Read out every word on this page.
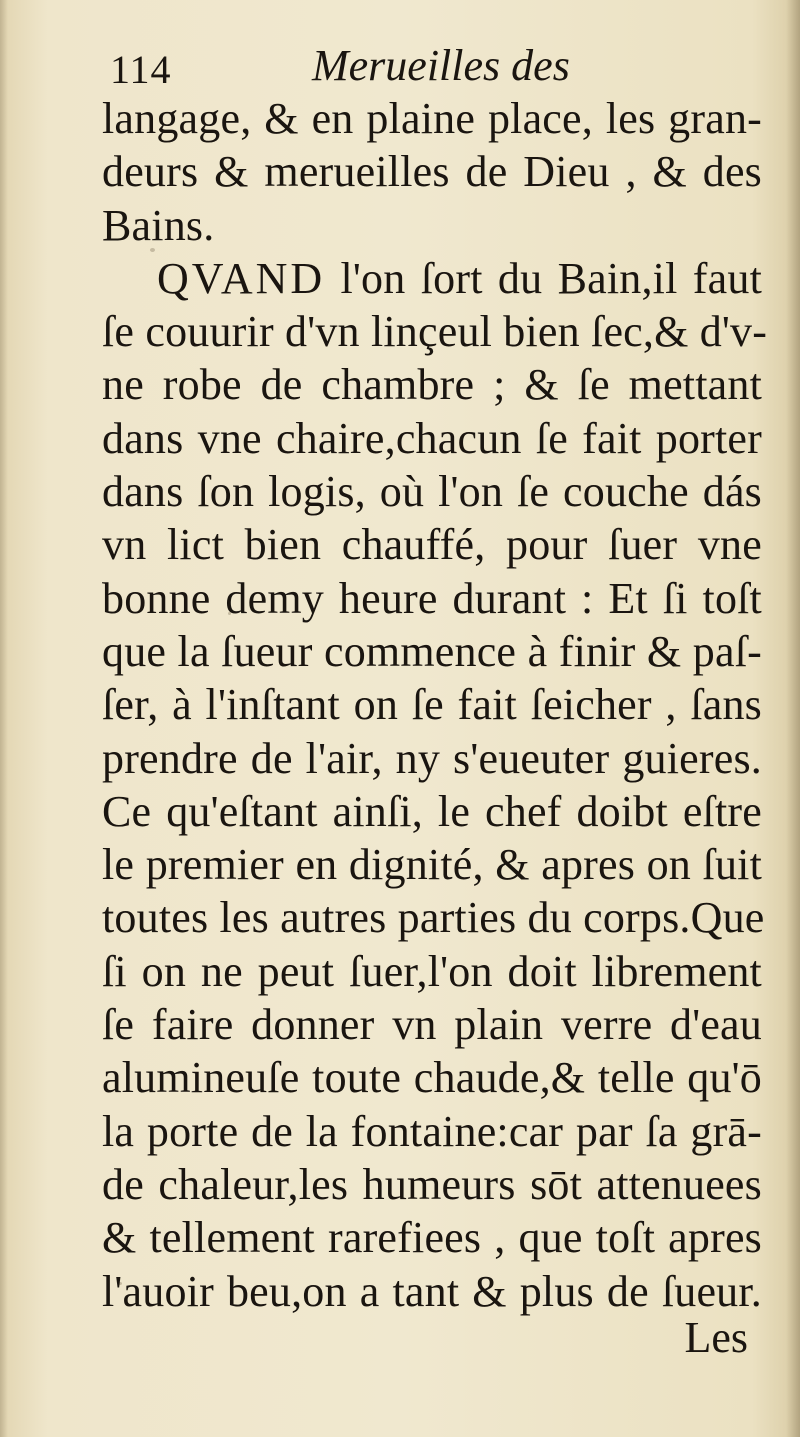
114	Merueilles des
langage, & en plaine place, les gran-
deurs & merueilles de Dieu , & des
Bains.
QVAND l'on ſort du Bain,il faut
ſe couurir d'vn linçeul bien ſec,& d'v-
ne robe de chambre ; & ſe mettant
dans vne chaire,chacun ſe fait porter
dans ſon logis, où l'on ſe couche dás
vn lict bien chauffé, pour ſuer vne
bonne demy heure durant : Et ſi toſt
que la ſueur commence à finir & paſ-
ſer, à l'inſtant on ſe fait ſeicher , ſans
prendre de l'air, ny s'eueuter guieres.
Ce qu'eſtant ainſi, le chef doibt eſtre
le premier en dignité, & apres on ſuit
toutes les autres parties du corps.Que
ſi on ne peut ſuer,l'on doit librement
ſe faire donner vn plain verre d'eau
alumineuſe toute chaude,& telle qu'ō
la porte de la fontaine:car par ſa grā-
de chaleur,les humeurs sōt attenuees
& tellement rarefiees , que toſt apres
l'auoir beu,on a tant & plus de ſueur.
Les
